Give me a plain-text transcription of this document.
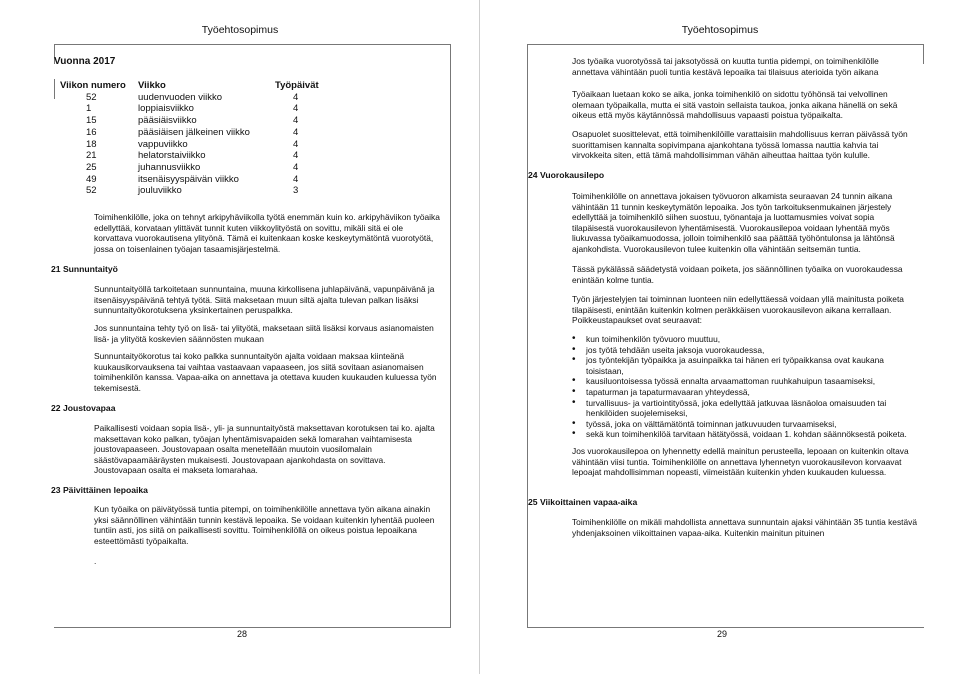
Työehtosopimus
Vuonna 2017
Viikon numero	Viikko	Työpäivät
52	uudenvuoden viikko	4
1	loppiaisviikko	4
15	pääsiäisviikko	4
16	pääsiäisen jälkeinen viikko	4
18	vappuviikko	4
21	helatorstaiviikko	4
25	juhannusviikko	4
49	itsenäisyyspäivän viikko	4
52	jouluviikko	3
Toimihenkilölle, joka on tehnyt arkipyhäviikolla työtä enemmän kuin ko. arkipyhäviikon työaika edellyttää, korvataan ylittävät tunnit kuten viikkoylityöstä on sovittu, mikäli sitä ei ole korvattava vuorokautisena ylityönä. Tämä ei kuitenkaan koske keskeytymätöntä vuorotyötä, jossa on toisenlainen työajan tasaamisjärjestelmä.
21 Sunnuntaityö
Sunnuntaityöllä tarkoitetaan sunnuntaina, muuna kirkollisena juhlapäivänä, vapunpäivänä ja itsenäisyyspäivänä tehtyä työtä. Siitä maksetaan muun siltä ajalta tulevan palkan lisäksi sunnuntaityökorotuksena yksinkertainen peruspalkka.
Jos sunnuntaina tehty työ on lisä- tai ylityötä, maksetaan siitä lisäksi korvaus asianomaisten lisä- ja ylityötä koskevien säännösten mukaan
Sunnuntaityökorotus tai koko palkka sunnuntaityön ajalta voidaan maksaa kiinteänä kuukausikorvauksena tai vaihtaa vastaavaan vapaaseen, jos siitä sovitaan asianomaisen toimihenkilön kanssa. Vapaa-aika on annettava ja otettava kuuden kuukauden kuluessa työn tekemisestä.
22 Joustovapaa
Paikallisesti voidaan sopia lisä-, yli- ja sunnuntaityöstä maksettavan korotuksen tai ko. ajalta maksettavan koko palkan, työajan lyhentämisvapaiden sekä lomarahan vaihtamisesta joustovapaaseen. Joustovapaan osalta menetellään muutoin vuosilomalain säästövapaamääräysten mukaisesti. Joustovapaan ajankohdasta on sovittava. Joustovapaan osalta ei makseta lomarahaa.
23 Päivittäinen lepoaika
Kun työaika on päivätyössä tuntia pitempi, on toimihenkilölle annettava työn aikana ainakin yksi säännöllinen vähintään tunnin kestävä lepoaika. Se voidaan kuitenkin lyhentää puoleen tuntiin asti, jos siitä on paikallisesti sovittu. Toimihenkilöllä on oikeus poistua lepoaikana esteettömästi työpaikalta.
.
28
Työehtosopimus
Jos työaika vuorotyössä tai jaksotyössä on kuutta tuntia pidempi, on toimihenkilölle annettava vähintään puoli tuntia kestävä lepoaika tai tilaisuus aterioida työn aikana
Työaikaan luetaan koko se aika, jonka toimihenkilö on sidottu työhönsä tai velvollinen olemaan työpaikalla, mutta ei sitä vastoin sellaista taukoa, jonka aikana hänellä on sekä oikeus että myös käytännössä mahdollisuus vapaasti poistua työpaikalta.
Osapuolet suosittelevat, että toimihenkilöille varattaisiin mahdollisuus kerran päivässä työn suorittamisen kannalta sopivimpana ajankohtana työssä lomassa nauttia kahvia tai virvokkeita siten, että tämä mahdollisimman vähän aiheuttaa haittaa työn kululle.
24 Vuorokausilepo
Toimihenkilölle on annettava jokaisen työvuoron alkamista seuraavan 24 tunnin aikana vähintään 11 tunnin keskeytymätön lepoaika. Jos työn tarkoituksenmukainen järjestely edellyttää ja toimihenkilö siihen suostuu, työnantaja ja luottamusmies voivat sopia tilapäisestä vuorokausilevon lyhentämisestä. Vuorokausilepoa voidaan lyhentää myös liukuvassa työaikamuodossa, jolloin toimihenkilö saa päättää työhöntulonsa ja lähtönsä ajankohdista. Vuorokausilevon tulee kuitenkin olla vähintään seitsemän tuntia.
Tässä pykälässä säädetystä voidaan poiketa, jos säännöllinen työaika on vuorokaudessa enintään kolme tuntia.
Työn järjestelyjen tai toiminnan luonteen niin edellyttäessä voidaan yllä mainitusta poiketa tilapäisesti, enintään kuitenkin kolmen peräkkäisen vuorokausilevon aikana kerrallaan. Poikkeustapaukset ovat seuraavat:
• kun toimihenkilön työvuoro muuttuu,
• jos työtä tehdään useita jaksoja vuorokaudessa,
• jos työntekijän työpaikka ja asuinpaikka tai hänen eri työpaikkansa ovat kaukana toisistaan,
• kausiluontoisessa työssä ennalta arvaamattoman ruuhkahuipun tasaamiseksi,
• tapaturman ja tapaturmavaaran yhteydessä,
• turvallisuus- ja vartiointityössä, joka edellyttää jatkuvaa läsnäoloa omaisuuden tai henkilöiden suojelemiseksi,
• työssä, joka on välttämätöntä toiminnan jatkuvuuden turvaamiseksi,
• sekä kun toimihenkilöä tarvitaan hätätyössä, voidaan 1. kohdan säännöksestä poiketa.
Jos vuorokausilepoa on lyhennetty edellä mainitun perusteella, lepoaan on kuitenkin oltava vähintään viisi tuntia. Toimihenkilölle on annettava lyhennetyn vuorokausilevon korvaavat lepoajat mahdollisimman nopeasti, viimeistään kuitenkin yhden kuukauden kuluessa.
25 Viikoittainen vapaa-aika
Toimihenkilölle on mikäli mahdollista annettava sunnuntain ajaksi vähintään 35 tuntia kestävä yhdenjaksoinen viikoittainen vapaa-aika. Kuitenkin mainitun pituinen
29
